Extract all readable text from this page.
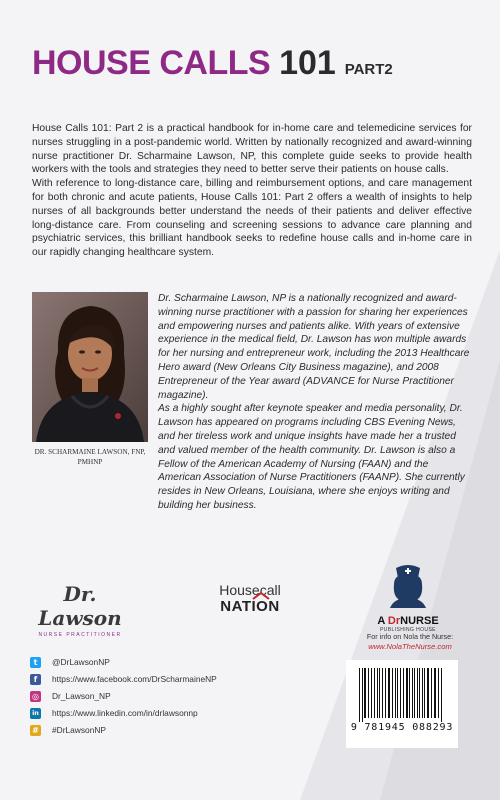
HOUSE CALLS 101 PART2

House Calls 101: Part 2 is a practical handbook for in-home care and telemedicine services for nurses struggling in a post-pandemic world. Written by nationally recognized and award-winning nurse practitioner Dr. Scharmaine Lawson, NP, this complete guide seeks to provide health workers with the tools and strategies they need to better serve their patients on house calls.

With reference to long-distance care, billing and reimbursement options, and care management for both chronic and acute patients, House Calls 101: Part 2 offers a wealth of insights to help nurses of all backgrounds better understand the needs of their patients and deliver effective long-distance care. From counseling and screening sessions to advance care planning and psychiatric services, this brilliant handbook seeks to redefine house calls and in-home care in our rapidly changing healthcare system.

DR. SCHARMAINE LAWSON, FNP, PMHNP

Dr. Scharmaine Lawson, NP is a nationally recognized and award-winning nurse practitioner with a passion for sharing her experiences and empowering nurses and patients alike. With years of extensive experience in the medical field, Dr. Lawson has won multiple awards for her nursing and entrepreneur work, including the 2013 Healthcare Hero award (New Orleans City Business magazine), and 2008 Entrepreneur of the Year award (ADVANCE for Nurse Practitioner magazine).

As a highly sought after keynote speaker and media personality, Dr. Lawson has appeared on programs including CBS Evening News, and her tireless work and unique insights have made her a trusted and valued member of the health community. Dr. Lawson is also a Fellow of the American Academy of Nursing (FAAN) and the American Association of Nurse Practitioners (FAANP). She currently resides in New Orleans, Louisiana, where she enjoys writing and building her business.

Dr. Lawson
NURSE PRACTITIONER
Housecall
NATION
A DrNURSE
PUBLISHING HOUSE
For info on Nola the Nurse:
www.NolaTheNurse.com
t	@DrLawsonNP
f	https://www.facebook.com/DrScharmaineNP
◎ Dr_Lawson_NP
in https://www.linkedin.com/in/drlawsonnp
# #DrLawsonNP	9 781945 088293
